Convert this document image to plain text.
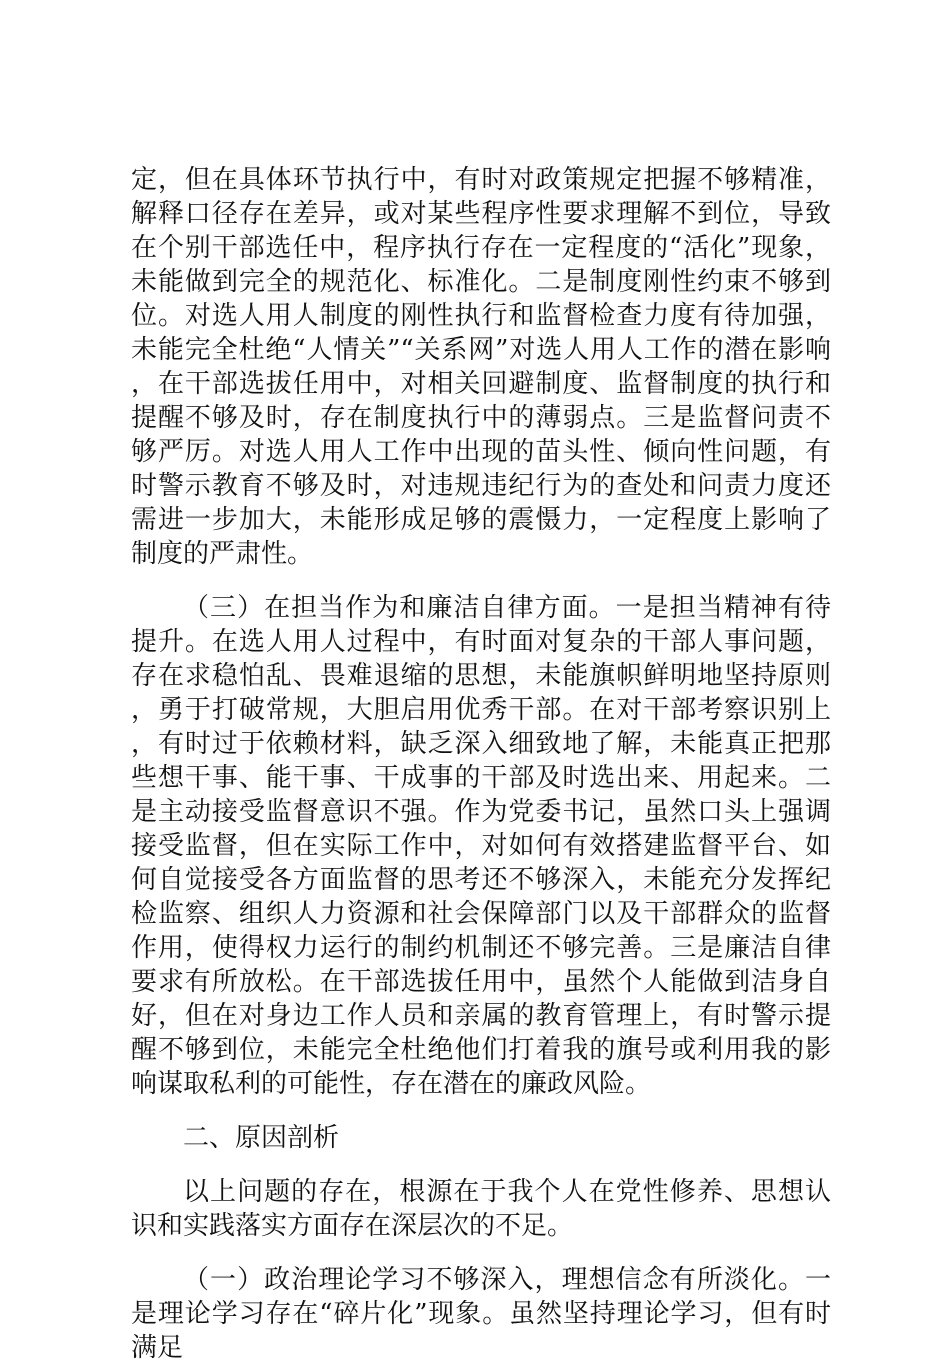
定，但在具体环节执行中，有时对政策规定把握不够精准，解释口径存在差异，或对某些程序性要求理解不到位，导致在个别干部选任中，程序执行存在一定程度的“活化”现象，未能做到完全的规范化、标准化。二是制度刚性约束不够到位。对选人用人制度的刚性执行和监督检查力度有待加强，未能完全杜绝“人情关”“关系网”对选人用人工作的潜在影响，在干部选拔任用中，对相关回避制度、监督制度的执行和提醒不够及时，存在制度执行中的薄弱点。三是监督问责不够严厉。对选人用人工作中出现的苗头性、倾向性问题，有时警示教育不够及时，对违规违纪行为的查处和问责力度还需进一步加大，未能形成足够的震慑力，一定程度上影响了制度的严肃性。

（三）在担当作为和廉洁自律方面。一是担当精神有待提升。在选人用人过程中，有时面对复杂的干部人事问题，存在求稳怕乱、畏难退缩的思想，未能旗帜鲜明地坚持原则，勇于打破常规，大胆启用优秀干部。在对干部考察识别上，有时过于依赖材料，缺乏深入细致地了解，未能真正把那些想干事、能干事、干成事的干部及时选出来、用起来。二是主动接受监督意识不强。作为党委书记，虽然口头上强调接受监督，但在实际工作中，对如何有效搭建监督平台、如何自觉接受各方面监督的思考还不够深入，未能充分发挥纪检监察、组织人力资源和社会保障部门以及干部群众的监督作用，使得权力运行的制约机制还不够完善。三是廉洁自律要求有所放松。在干部选拔任用中，虽然个人能做到洁身自好，但在对身边工作人员和亲属的教育管理上，有时警示提醒不够到位，未能完全杜绝他们打着我的旗号或利用我的影响谋取私利的可能性，存在潜在的廉政风险。

二、原因剖析

以上问题的存在，根源在于我个人在党性修养、思想认识和实践落实方面存在深层次的不足。

（一）政治理论学习不够深入，理想信念有所淡化。一是理论学习存在“碎片化”现象。虽然坚持理论学习，但有时满足
